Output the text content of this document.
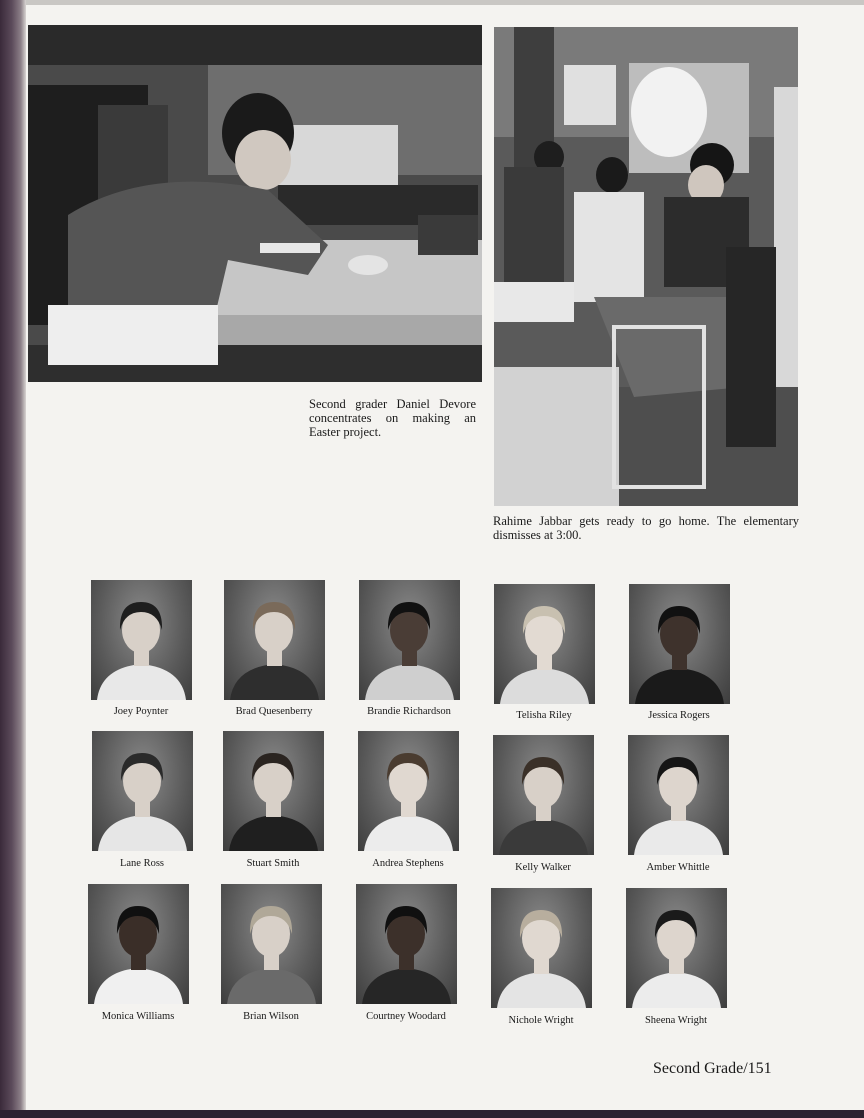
Second grader Daniel Devore concentrates on making an Easter project.
Rahime Jabbar gets ready to go home. The elementary dismisses at 3:00.
Joey Poynter	Brad Quesenberry	Brandie Richardson	Telisha Riley	Jessica Rogers
Lane Ross	Stuart Smith	Andrea Stephens	Kelly Walker	Amber Whittle
Monica Williams	Brian Wilson	Courtney Woodard	Nichole Wright	Sheena Wright
Second Grade/151
